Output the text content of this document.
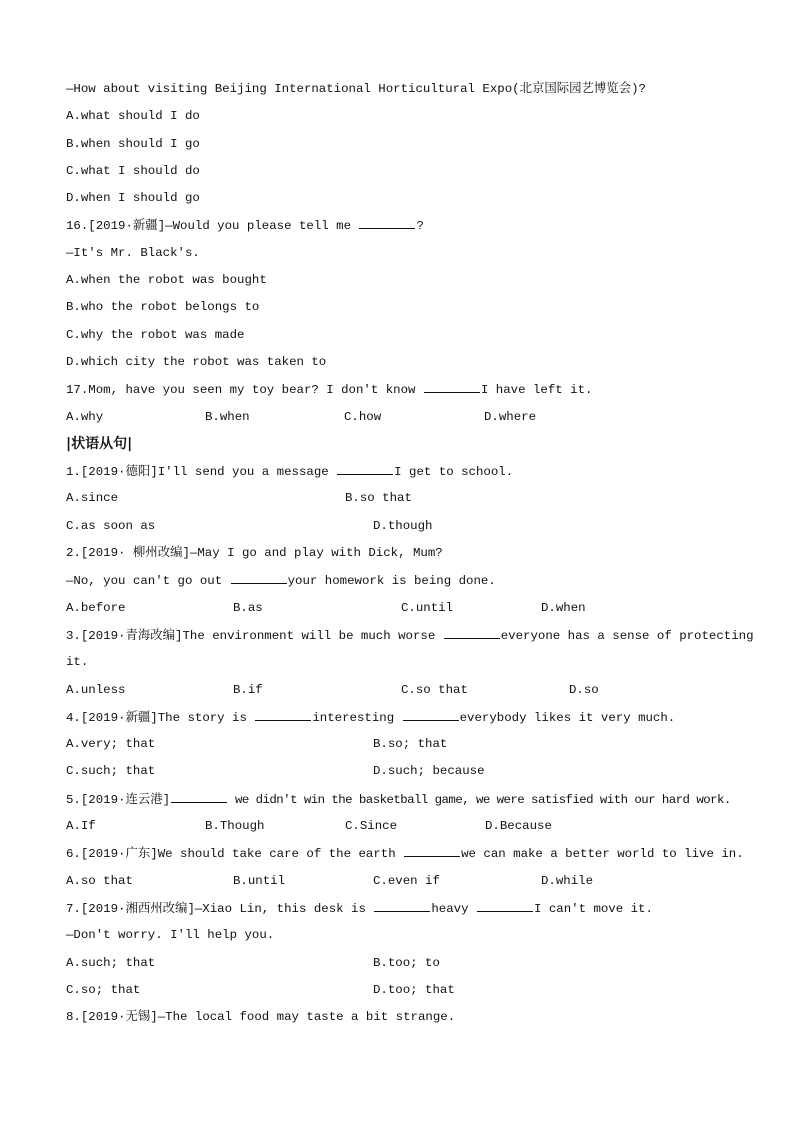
—How about visiting Beijing International Horticultural Expo(北京国际园艺博览会)?
A.what should I do
B.when should I go
C.what I should do
D.when I should go
16.[2019·新疆]—Would you please tell me	?
—It's Mr. Black's.
A.when the robot was bought
B.who the robot belongs to
C.why the robot was made
D.which city the robot was taken to
17.Mom, have you seen my toy bear? I don't know	I have left it.
A.why	B.when	C.how	D.where
|状语从句|
1.[2019·德阳]I'll send you a message	I get to school.
A.since	B.so that
C.as soon as	D.though
2.[2019· 柳州改编]—May I go and play with Dick, Mum?
—No, you can't go out	your homework is being done.
A.before	B.as	C.until	D.when
3.[2019·青海改编]The environment will be much worse	everyone has a sense of protecting
it.
A.unless	B.if	C.so that	D.so
4.[2019·新疆]The story is	interesting	everybody likes it very much.
A.very; that	B.so; that
C.such; that	D.such; because
5.[2019·连云港]	we didn't win the basketball game, we were satisfied with our hard work.
A.If	B.Though	C.Since	D.Because
6.[2019·广东]We should take care of the earth	we can make a better world to live in.
A.so that	B.until	C.even if	D.while
7.[2019·湘西州改编]—Xiao Lin, this desk is	heavy	I can't move it.
—Don't worry. I'll help you.
A.such; that	B.too; to
C.so; that	D.too; that
8.[2019·无锡]—The local food may taste a bit strange.
